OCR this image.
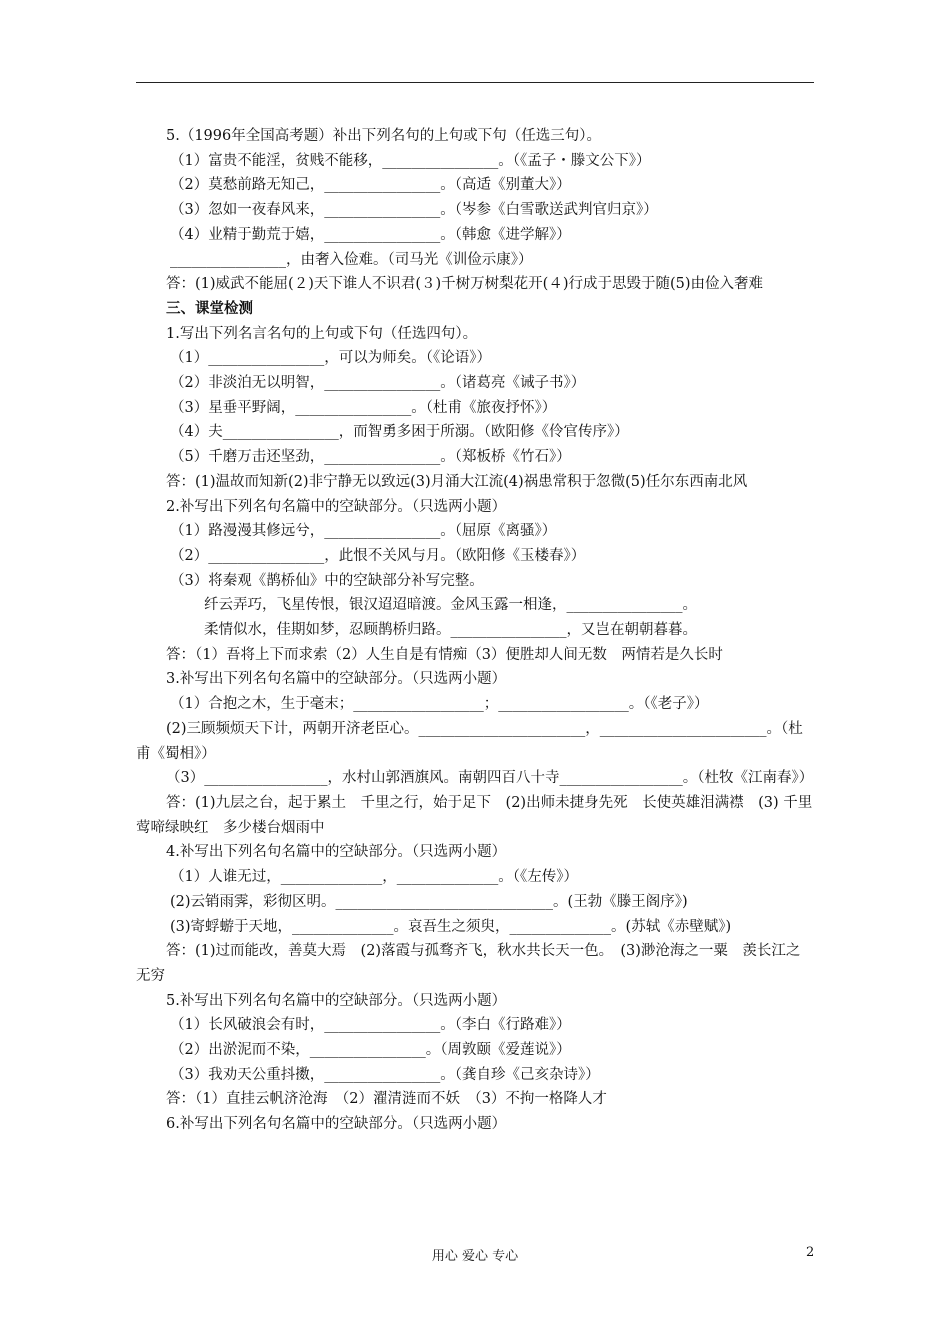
5.（1996年全国高考题）补出下列名句的上句或下句（任选三句）。
（1）富贵不能淫，贫贱不能移，________________。（《孟子・滕文公下》）
（2）莫愁前路无知己，________________。（高适《别董大》）
（3）忽如一夜春风来，________________。（岑参《白雪歌送武判官归京》）
（4）业精于勤荒于嬉，________________。（韩愈《进学解》）
________________，由奢入俭难。（司马光《训俭示康》）
答：(1)威武不能屈(２)天下谁人不识君(３)千树万树梨花开(４)行成于思毁于随(5)由俭入奢难
三、课堂检测
1.写出下列名言名句的上句或下句（任选四句）。
（1）________________，可以为师矣。（《论语》）
（2）非淡泊无以明智，________________。（诸葛亮《诫子书》）
（3）星垂平野阔，________________。（杜甫《旅夜抒怀》）
（4）夫________________，而智勇多困于所溺。（欧阳修《伶官传序》）
（5）千磨万击还坚劲，________________。（郑板桥《竹石》）
答：(1)温故而知新(2)非宁静无以致远(3)月涌大江流(4)祸患常积于忽微(5)任尔东西南北风
2.补写出下列名句名篇中的空缺部分。（只选两小题）
（1）路漫漫其修远兮，________________。（屈原《离骚》）
（2）________________，此恨不关风与月。（欧阳修《玉楼春》）
（3）将秦观《鹊桥仙》中的空缺部分补写完整。
纤云弄巧，飞星传恨，银汉迢迢暗渡。金风玉露一相逢，________________。
柔情似水，佳期如梦，忍顾鹊桥归路。________________，又岂在朝朝暮暮。
答：（1）吾将上下而求索（2）人生自是有情痴（3）便胜却人间无数　两情若是久长时
3.补写出下列名句名篇中的空缺部分。（只选两小题）
（1）合抱之木，生于毫末；__________________；__________________。（《老子》）
(2)三顾频烦天下计，两朝开济老臣心。_______________________，_______________________。（杜甫《蜀相》）
（3）_________________，水村山郭酒旗风。南朝四百八十寺_________________。（杜牧《江南春》）
答：(1)九层之台，起于累土　千里之行，始于足下　(2)出师未捷身先死　长使英雄泪满襟　(3) 千里莺啼绿映红　多少楼台烟雨中
4.补写出下列名句名篇中的空缺部分。（只选两小题）
（1）人谁无过，______________，______________。（《左传》）
(2)云销雨霁，彩彻区明。______________________________。(王勃《滕王阁序》)
(3)寄蜉蝣于天地，______________。哀吾生之须臾，______________。(苏轼《赤壁赋》)
答：(1)过而能改，善莫大焉　(2)落霞与孤骛齐飞，秋水共长天一色。　(3)渺沧海之一粟　羡长江之无穷
5.补写出下列名句名篇中的空缺部分。（只选两小题）
（1）长风破浪会有时，________________。（李白《行路难》）
（2）出淤泥而不染，________________。（周敦颐《爱莲说》）
（3）我劝天公重抖擞，________________。（龚自珍《己亥杂诗》）
答：（1）直挂云帆济沧海　（2）濯清涟而不妖　（3）不拘一格降人才
6.补写出下列名句名篇中的空缺部分。（只选两小题）
用心 爱心 专心	2
